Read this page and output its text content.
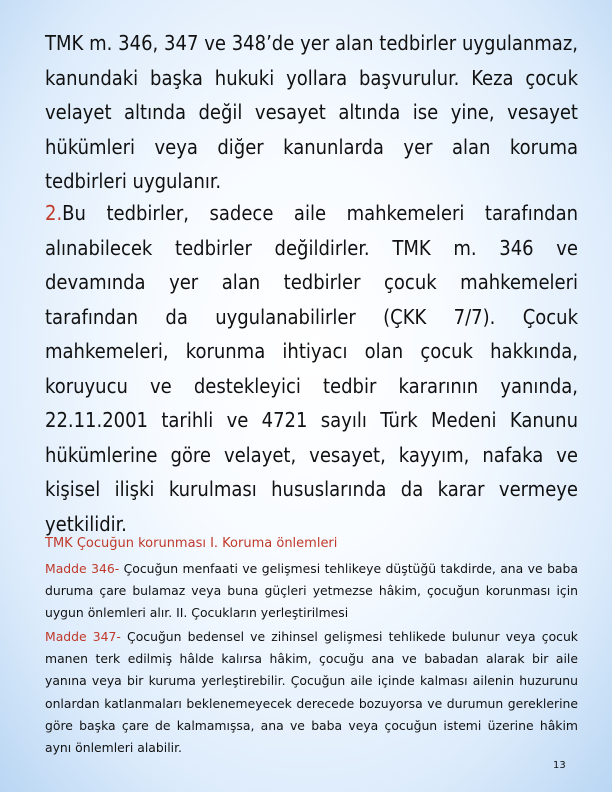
TMK m. 346, 347 ve 348’de yer alan tedbirler uygulanmaz, kanundaki başka hukuki yollara başvurulur. Keza çocuk velayet altında değil vesayet altında ise yine, vesayet hükümleri veya diğer kanunlarda yer alan koruma tedbirleri uygulanır.

2.Bu tedbirler, sadece aile mahkemeleri tarafından alınabilecek tedbirler değildirler. TMK m. 346 ve devamında yer alan tedbirler çocuk mahkemeleri tarafından da uygulanabilirler (ÇKK 7/7). Çocuk mahkemeleri, korunma ihtiyacı olan çocuk hakkında, koruyucu ve destekleyici tedbir kararının yanında, 22.11.2001 tarihli ve 4721 sayılı Türk Medeni Kanunu hükümlerine göre velayet, vesayet, kayyım, nafaka ve kişisel ilişki kurulması hususlarında da karar vermeye yetkilidir.

TMK Çocuğun korunması I. Koruma önlemleri

Madde 346- Çocuğun menfaati ve gelişmesi tehlikeye düştüğü takdirde, ana ve baba duruma çare bulamaz veya buna güçleri yetmezse hâkim, çocuğun korunması için uygun önlemleri alır. II. Çocukların yerleştirilmesi

Madde 347- Çocuğun bedensel ve zihinsel gelişmesi tehlikede bulunur veya çocuk manen terk edilmiş hâlde kalırsa hâkim, çocuğu ana ve babadan alarak bir aile yanına veya bir kuruma yerleştirebilir. Çocuğun aile içinde kalması ailenin huzurunu onlardan katlanmaları beklenemeyecek derecede bozuyorsa ve durumun gereklerine göre başka çare de kalmamışsa, ana ve baba veya çocuğun istemi üzerine hâkim aynı önlemleri alabilir.

13
